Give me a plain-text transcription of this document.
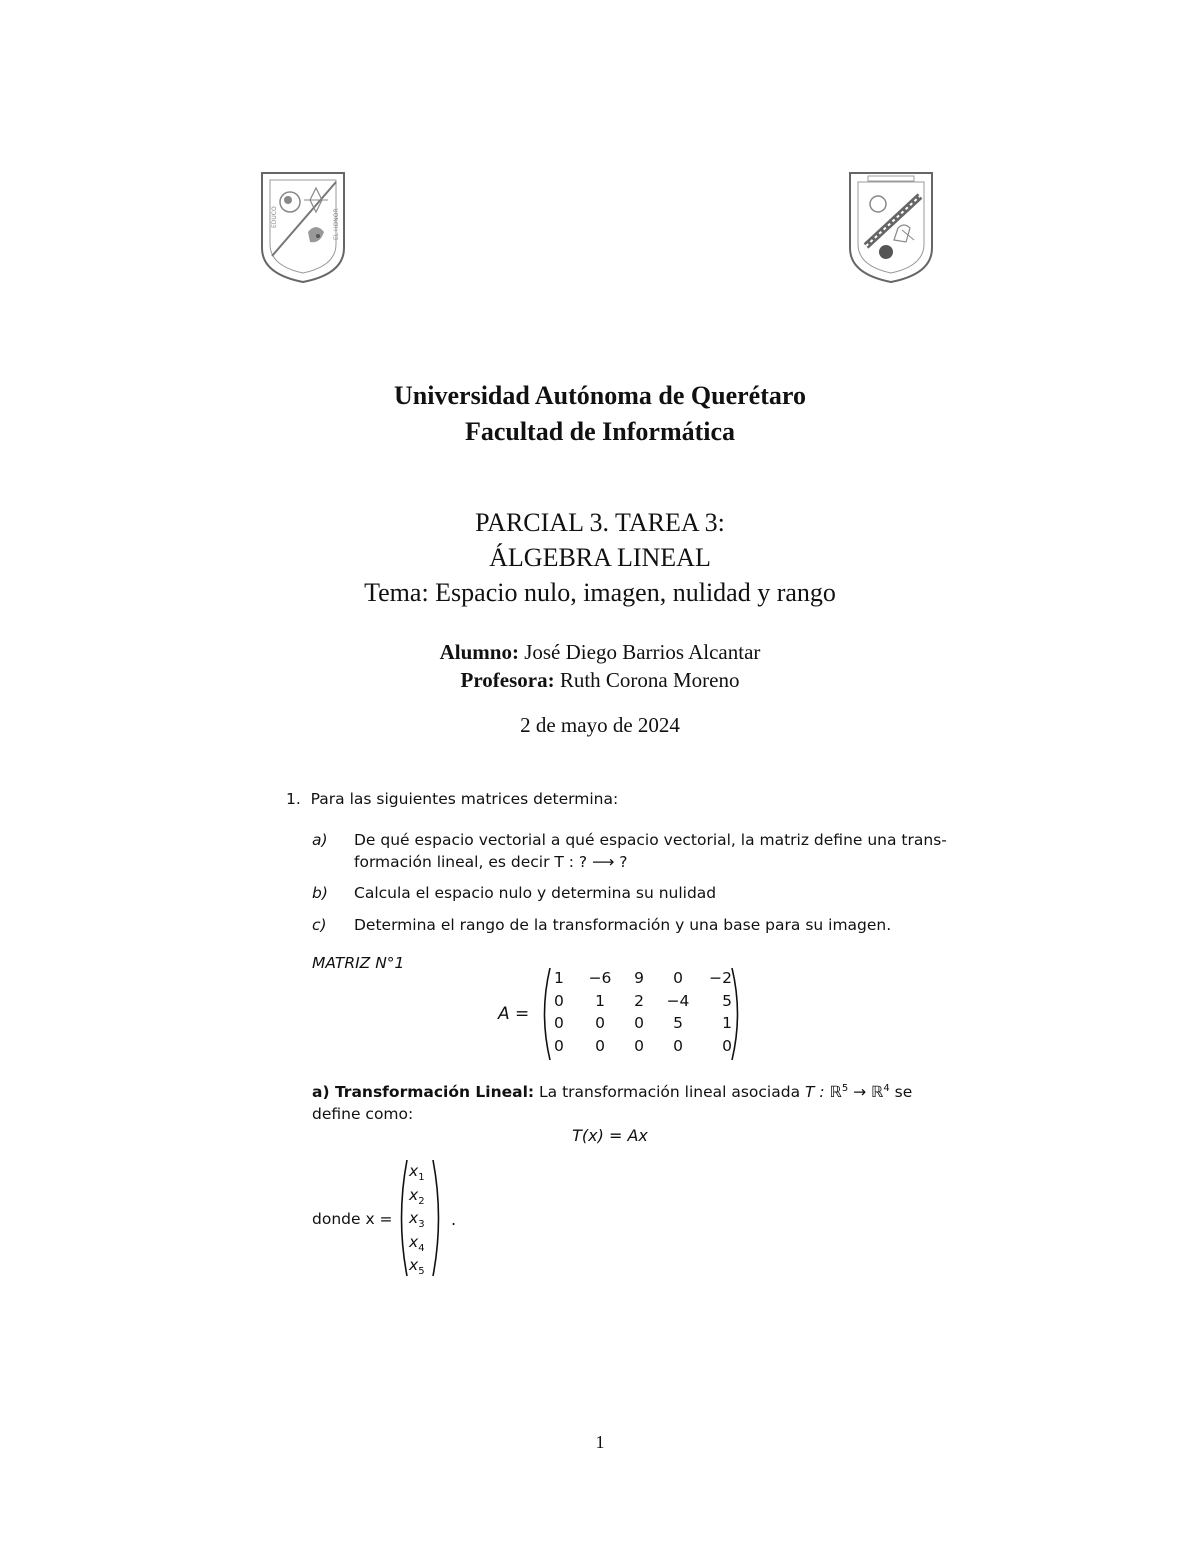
EDUCO	EL HONOR
Universidad Autónoma de Querétaro
Facultad de Informática
PARCIAL 3. TAREA 3:
ÁLGEBRA LINEAL
Tema: Espacio nulo, imagen, nulidad y rango
Alumno: José Diego Barrios Alcantar
Profesora: Ruth Corona Moreno
2 de mayo de 2024
1. Para las siguientes matrices determina:
a) De qué espacio vectorial a qué espacio vectorial, la matriz define una trans-
formación lineal, es decir T : ? ⟶ ?
b) Calcula el espacio nulo y determina su nulidad
c) Determina el rango de la transformación y una base para su imagen.
MATRIZ N°1
A =
1	−6	9	0	−2
0	1	2	−4	5
0	0	0	5	1
0	0	0	0	0
a) Transformación Lineal: La transformación lineal asociada T : ℝ$^5$ → ℝ$^4$ se
define como:
T(x) = Ax
donde x =
$x_1$
$x_2$
$x_3$
$x_4$
$x_5$
.
1
